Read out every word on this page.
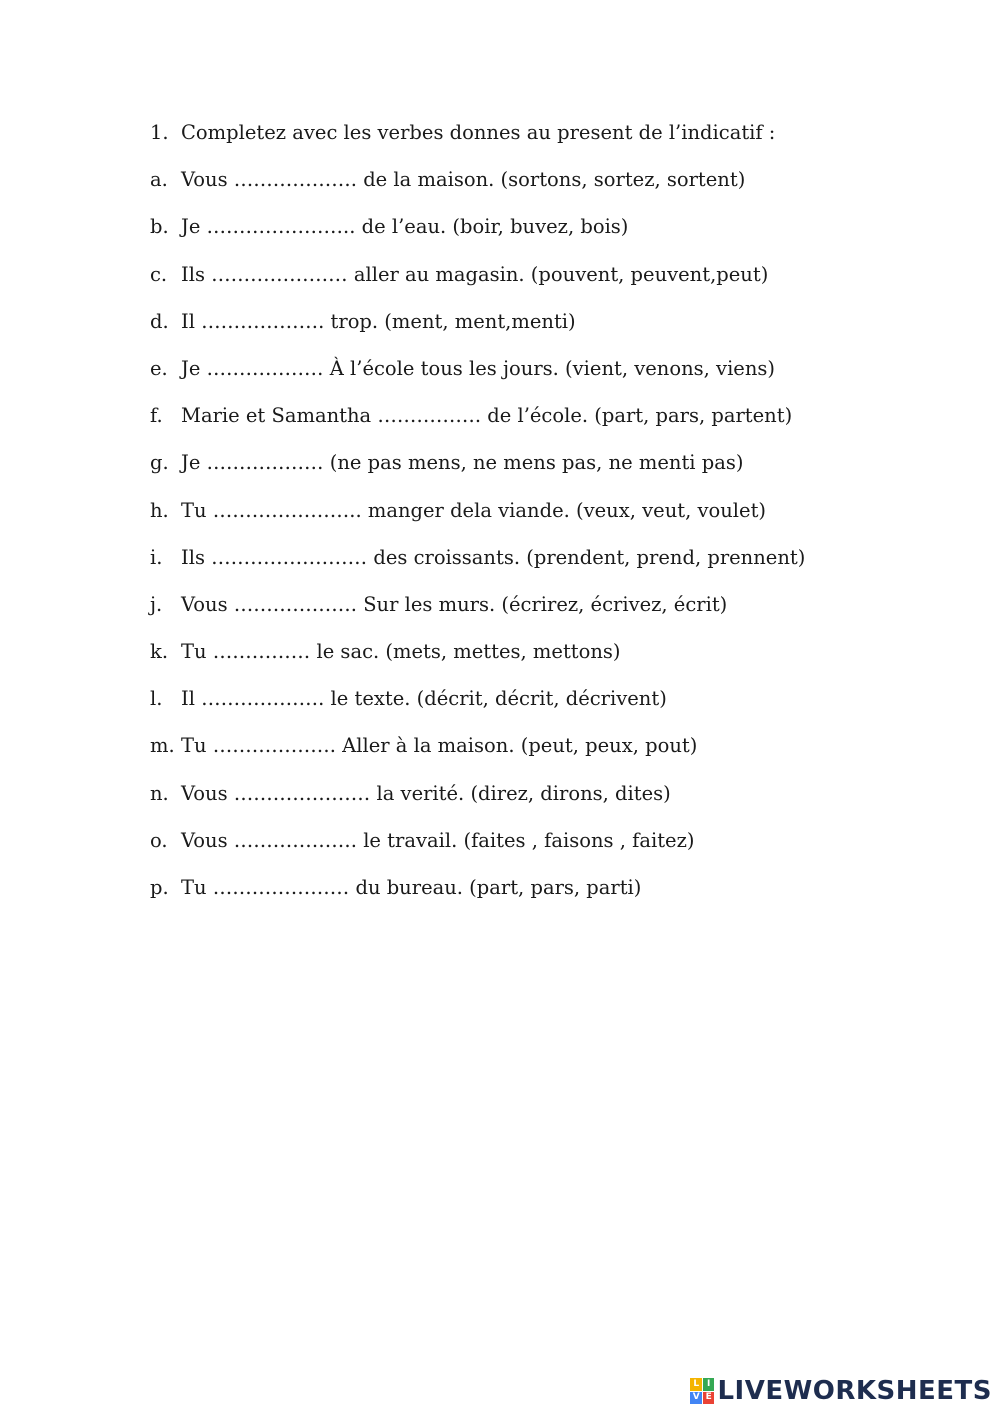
1. Completez avec les verbes donnes au present de l’indicatif :
a. Vous ………………. de la maison. (sortons, sortez, sortent)
b. Je ………………….. de l’eau. (boir, buvez, bois)
c. Ils ………………… aller au magasin. (pouvent, peuvent,peut)
d. Il ………………. trop. (ment, ment,menti)
e. Je ……………… À l’école tous les jours. (vient, venons, viens)
f. Marie et Samantha ……………. de l’école. (part, pars, partent)
g. Je ……………… (ne pas mens, ne mens pas, ne menti pas)
h. Tu ………………….. manger dela viande. (veux, veut, voulet)
i. Ils …………………… des croissants. (prendent, prend, prennent)
j. Vous ………………. Sur les murs. (écrirez, écrivez, écrit)
k. Tu …………… le sac. (mets, mettes, mettons)
l. Il ………………. le texte. (décrit, décrit, décrivent)
m. Tu ………………. Aller à la maison. (peut, peux, pout)
n. Vous ………………… la verité. (direz, dirons, dites)
o. Vous ………………. le travail. (faites , faisons , faitez)
p. Tu ………………… du bureau. (part, pars, parti)
L I
V E LIVEWORKSHEETS
